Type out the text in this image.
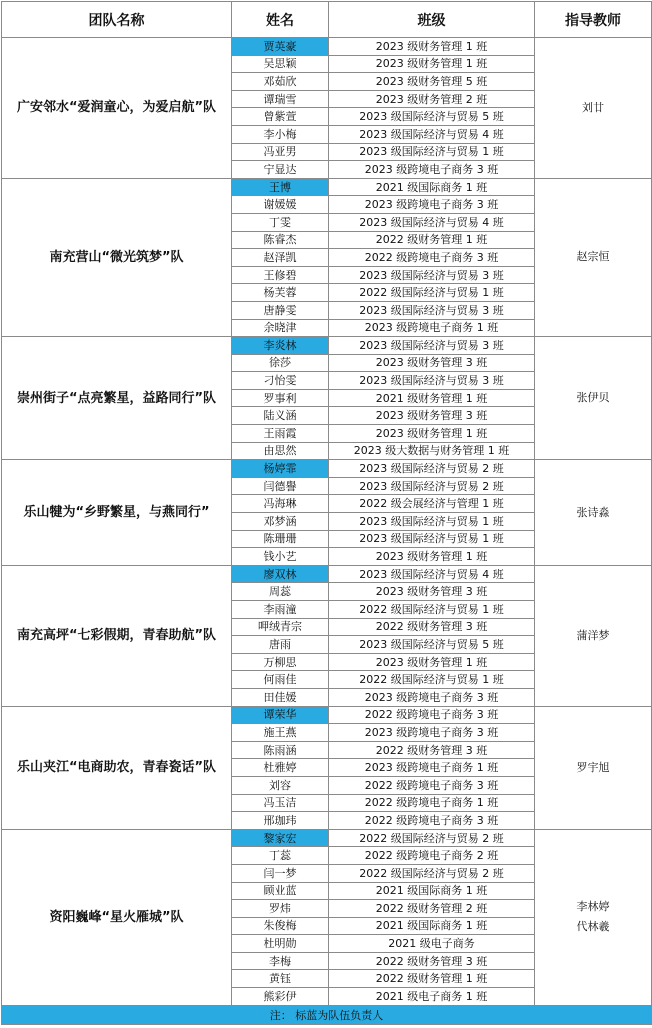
团队名称	姓名	班级	指导教师
广安邻水“爱润童心，为爱启航”队	贾英豪	2023 级财务管理 1 班	刘廿

	吴思颖	2023 级财务管理 1 班	
	邓茹欣	2023 级财务管理 5 班	
	谭瑞雪	2023 级财务管理 2 班	
	曾紫萱	2023 级国际经济与贸易 5 班	
	李小梅	2023 级国际经济与贸易 4 班	
	冯亚男	2023 级国际经济与贸易 1 班	
	宁显达	2023 级跨境电子商务 3 班	
南充营山“微光筑梦”队	王博	2021 级国际商务 1 班	赵宗恒

	谢媛媛	2023 级跨境电子商务 3 班	
	丁雯	2023 级国际经济与贸易 4 班	
	陈睿杰	2022 级财务管理 1 班	
	赵泽凯	2022 级跨境电子商务 3 班	
	王修碧	2023 级国际经济与贸易 3 班	
	杨芙蓉	2022 级国际经济与贸易 1 班	
	唐静雯	2023 级国际经济与贸易 3 班	
	余晓津	2023 级跨境电子商务 1 班	
崇州街子“点亮繁星，益路同行”队	李炎林	2023 级国际经济与贸易 3 班	张伊贝

	徐莎	2023 级财务管理 3 班	
	刁怡雯	2023 级国际经济与贸易 3 班	
	罗事利	2021 级财务管理 1 班	
	陆义涵	2023 级财务管理 3 班	
	王雨霞	2023 级财务管理 1 班	
	由思然	2023 级大数据与财务管理 1 班	
乐山犍为“乡野繁星，与燕同行”	杨婷霏	2023 级国际经济与贸易 2 班	张诗淼

	闫德譽	2023 级国际经济与贸易 2 班	
	冯海琳	2022 级会展经济与管理 1 班	
	邓梦涵	2023 级国际经济与贸易 1 班	
	陈珊珊	2023 级国际经济与贸易 1 班	
	钱小艺	2023 级财务管理 1 班	
南充高坪“七彩假期，青春助航”队	廖双林	2023 级国际经济与贸易 4 班	蒲洋梦

	周蕊	2023 级财务管理 3 班	
	李雨潼	2022 级国际经济与贸易 1 班	
	呷绒青宗	2022 级财务管理 3 班	
	唐雨	2023 级国际经济与贸易 5 班	
	万柳思	2023 级财务管理 1 班	
	何雨佳	2022 级国际经济与贸易 1 班	
	田佳媛	2023 级跨境电子商务 3 班	
乐山夹江“电商助农，青春瓷话”队	谭荣华	2022 级跨境电子商务 3 班	罗宇旭

	施王燕	2023 级跨境电子商务 3 班	
	陈雨涵	2022 级财务管理 3 班	
	杜雅婷	2023 级跨境电子商务 1 班	
	刘容	2022 级跨境电子商务 3 班	
	冯玉洁	2022 级跨境电子商务 1 班	
	邢珈玮	2022 级跨境电子商务 3 班	
资阳巍峰“星火雁城”队	黎家宏	2022 级国际经济与贸易 2 班	李林婷
代林羲

	丁蕊	2022 级跨境电子商务 2 班	
	闫一梦	2022 级国际经济与贸易 2 班	
	顾业蓝	2021 级国际商务 1 班	
	罗炜	2022 级财务管理 2 班	
	朱俊梅	2021 级国际商务 1 班	
	杜明勋	2021 级电子商务	
	李梅	2022 级财务管理 3 班	
	黄钰	2022 级财务管理 1 班	
	熊彩伊	2021 级电子商务 1 班	
注： 标蓝为队伍负责人			
